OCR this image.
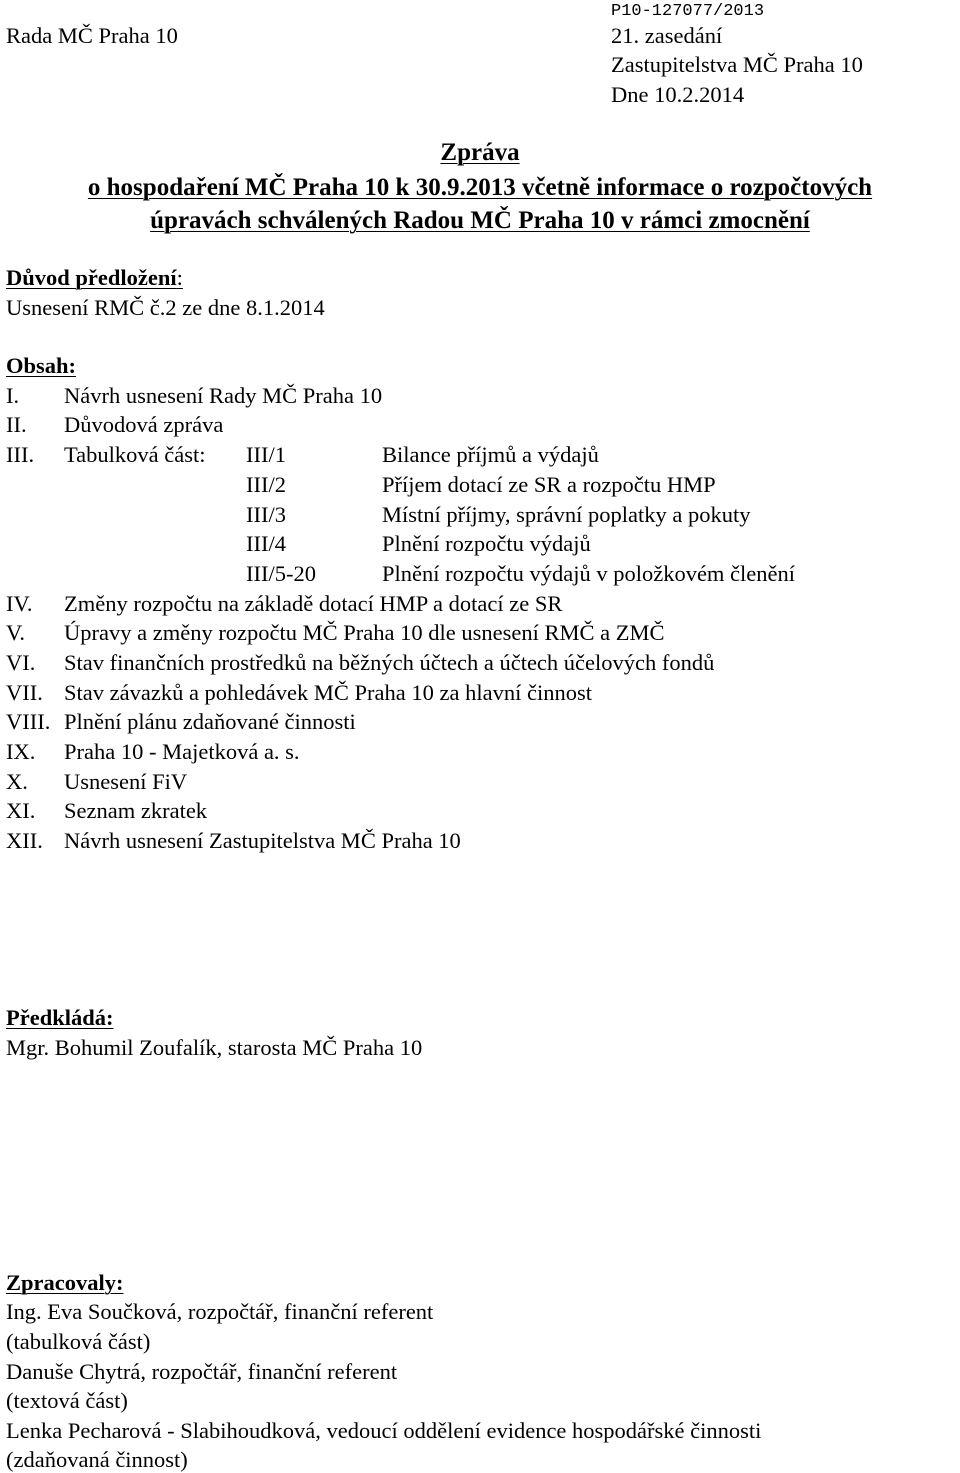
Rada MČ Praha 10
P10-127077/2013
21. zasedání
Zastupitelstva MČ Praha 10
Dne 10.2.2014
Zpráva
o hospodaření MČ Praha 10 k 30.9.2013 včetně informace o rozpočtových
úpravách schválených Radou MČ Praha 10 v rámci zmocnění
Důvod předložení:
Usnesení RMČ č.2 ze dne 8.1.2014
Obsah:
I. Návrh usnesení Rady MČ Praha 10
II. Důvodová zpráva
III. Tabulková část: III/1	Bilance příjmů a výdajů
III/2	Příjem dotací ze SR a rozpočtu HMP
III/3	Místní příjmy, správní poplatky a pokuty
III/4	Plnění rozpočtu výdajů
III/5-20	Plnění rozpočtu výdajů v položkovém členění
IV. Změny rozpočtu na základě dotací HMP a dotací ze SR
V. Úpravy a změny rozpočtu MČ Praha 10 dle usnesení RMČ a ZMČ
VI. Stav finančních prostředků na běžných účtech a účtech účelových fondů
VII. Stav závazků a pohledávek MČ Praha 10 za hlavní činnost
VIII. Plnění plánu zdaňované činnosti
IX. Praha 10 - Majetková a. s.
X. Usnesení FiV
XI. Seznam zkratek
XII. Návrh usnesení Zastupitelstva MČ Praha 10
Předkládá:
Mgr. Bohumil Zoufalík, starosta MČ Praha 10
Zpracovaly:
Ing. Eva Součková, rozpočtář, finanční referent
(tabulková část)
Danuše Chytrá, rozpočtář, finanční referent
(textová část)
Lenka Pecharová - Slabihoudková, vedoucí oddělení evidence hospodářské činnosti
(zdaňovaná činnost)
